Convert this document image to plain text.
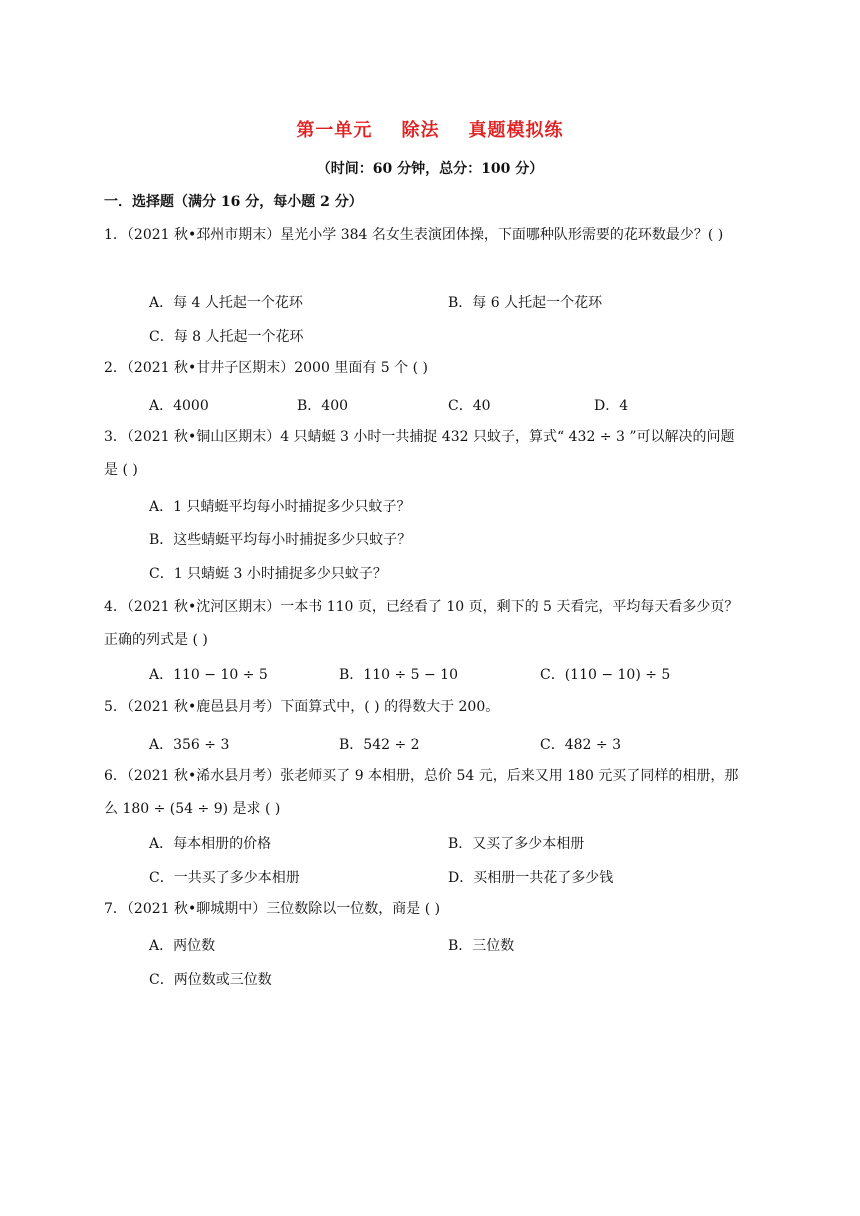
第一单元    除法    真题模拟练
（时间：60 分钟，总分：100 分）
一．选择题（满分 16 分，每小题 2 分）
1．（2021 秋•邳州市期末）星光小学 384 名女生表演团体操，下面哪种队形需要的花环数最少？( )
A．每 4 人托起一个花环	B．每 6 人托起一个花环
C．每 8 人托起一个花环
2．（2021 秋•甘井子区期末）2000 里面有 5 个 ( )
A．4000	B．400	C．40	D．4
3．（2021 秋•铜山区期末）4 只蜻蜓 3 小时一共捕捉 432 只蚊子，算式“ 432 ÷ 3 ”可以解决的问题是 ( )
A．1 只蜻蜓平均每小时捕捉多少只蚊子？
B．这些蜻蜓平均每小时捕捉多少只蚊子？
C．1 只蜻蜓 3 小时捕捉多少只蚊子？
4．（2021 秋•沈河区期末）一本书 110 页，已经看了 10 页，剩下的 5 天看完，平均每天看多少页？正确的列式是 ( )
A．110 − 10 ÷ 5	B．110 ÷ 5 − 10	C．(110 − 10) ÷ 5
5．（2021 秋•鹿邑县月考）下面算式中，( ) 的得数大于 200。
A．356 ÷ 3	B．542 ÷ 2	C．482 ÷ 3
6．（2021 秋•浠水县月考）张老师买了 9 本相册，总价 54 元，后来又用 180 元买了同样的相册，那么 180 ÷ (54 ÷ 9) 是求 ( )
A．每本相册的价格	B．又买了多少本相册
C．一共买了多少本相册	D．买相册一共花了多少钱
7．（2021 秋•聊城期中）三位数除以一位数，商是 ( )
A．两位数	B．三位数
C．两位数或三位数
